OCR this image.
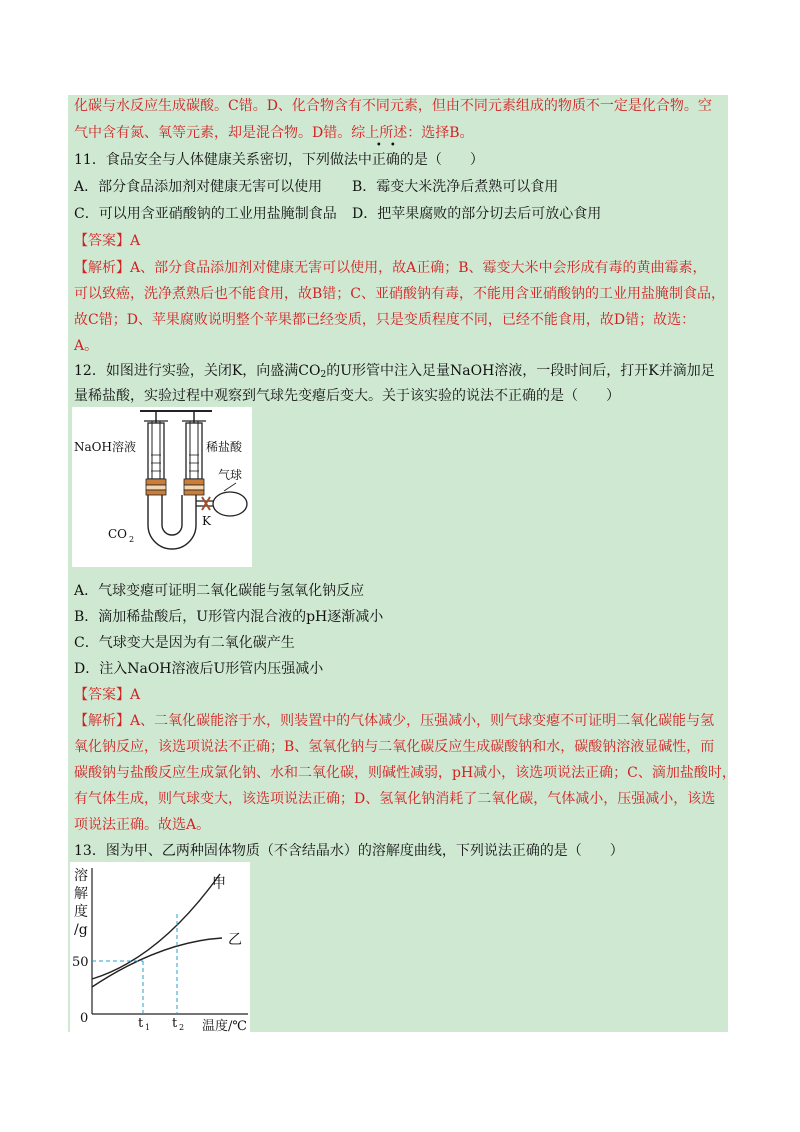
化碳与水反应生成碳酸。C错。D、化合物含有不同元素，但由不同元素组成的物质不一定是化合物。空
气中含有氮、氧等元素，却是混合物。D错。综上所述：选择B。
11．食品安全与人体健康关系密切，下列做法中正确的是（　　）
A．部分食品添加剂对健康无害可以使用 B．霉变大米洗净后煮熟可以食用
C．可以用含亚硝酸钠的工业用盐腌制食品 D．把苹果腐败的部分切去后可放心食用
【答案】A
【解析】A、部分食品添加剂对健康无害可以使用，故A正确；B、霉变大米中会形成有毒的黄曲霉素，
可以致癌，洗净煮熟后也不能食用，故B错；C、亚硝酸钠有毒，不能用含亚硝酸钠的工业用盐腌制食品，
故C错；D、苹果腐败说明整个苹果都已经变质，只是变质程度不同，已经不能食用，故D错；故选：
A。
12．如图进行实验，关闭K，向盛满$CO_2$的U形管中注入足量NaOH溶液，一段时间后，打开K并滴加足
量稀盐酸，实验过程中观察到气球先变瘪后变大。关于该实验的说法不正确的是（　　）
NaOH溶液	稀盐酸
气球
K
CO 2
A．气球变瘪可证明二氧化碳能与氢氧化钠反应
B．滴加稀盐酸后，U形管内混合液的pH逐渐减小
C．气球变大是因为有二氧化碳产生
D．注入NaOH溶液后U形管内压强减小
【答案】A
【解析】A、二氧化碳能溶于水，则装置中的气体减少，压强减小，则气球变瘪不可证明二氧化碳能与氢
氧化钠反应，该选项说法不正确；B、氢氧化钠与二氧化碳反应生成碳酸钠和水，碳酸钠溶液显碱性，而
碳酸钠与盐酸反应生成氯化钠、水和二氧化碳，则碱性减弱，pH减小，该选项说法正确；C、滴加盐酸时，
有气体生成，则气球变大，该选项说法正确；D、氢氧化钠消耗了二氧化碳，气体减小，压强减小，该选
项说法正确。故选A。
13．图为甲、乙两种固体物质（不含结晶水）的溶解度曲线，下列说法正确的是（　　）
溶
解
度
/g
50
0	t 1 t 2 温度/℃
甲
乙
